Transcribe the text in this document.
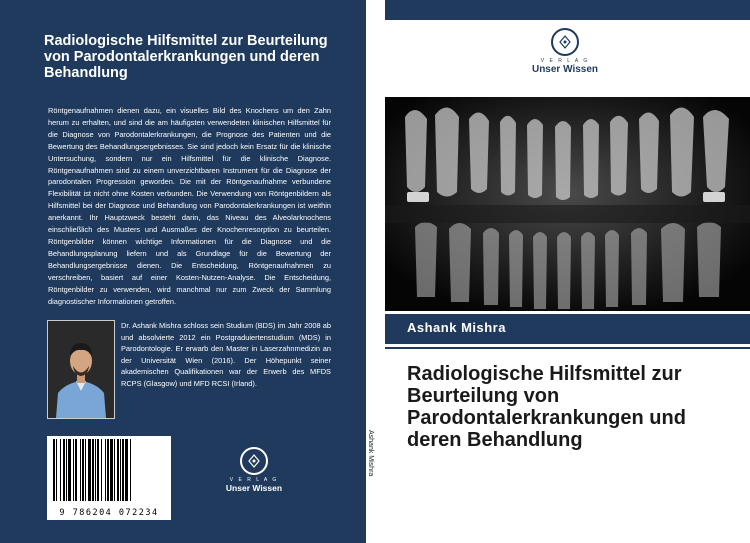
Radiologische Hilfsmittel zur Beurteilung von Parodontalerkrankungen und deren Behandlung

Röntgenaufnahmen dienen dazu, ein visuelles Bild des Knochens um den Zahn herum zu erhalten, und sind die am häufigsten verwendeten klinischen Hilfsmittel für die Diagnose von Parodontalerkrankungen, die Prognose des Patienten und die Bewertung des Behandlungsergebnisses. Sie sind jedoch kein Ersatz für die klinische Untersuchung, sondern nur ein Hilfsmittel für die klinische Diagnose. Röntgenaufnahmen sind zu einem unverzichtbaren Instrument für die Diagnose der parodontalen Progression geworden. Die mit der Röntgenaufnahme verbundene Flexibilität ist nicht ohne Kosten verbunden. Die Verwendung von Röntgenbildern als Hilfsmittel bei der Diagnose und Behandlung von Parodontalerkrankungen ist weithin anerkannt. Ihr Hauptzweck besteht darin, das Niveau des Alveolarknochens einschließlich des Musters und Ausmaßes der Knochenresorption zu beurteilen. Röntgenbilder können wichtige Informationen für die Diagnose und die Behandlungsplanung liefern und als Grundlage für die Bewertung der Behandlungsergebnisse dienen. Die Entscheidung, Röntgenaufnahmen zu verschreiben, basiert auf einer Kosten-Nutzen-Analyse. Die Entscheidung, Röntgenbilder zu verwenden, wird manchmal nur zum Zweck der Sammlung diagnostischer Informationen getroffen.

Dr. Ashank Mishra schloss sein Studium (BDS) im Jahr 2008 ab und absolvierte 2012 ein Postgraduiertenstudium (MDS) in Parodontologie. Er erwarb den Master in Laserzahnmedizin an der Universität Wien (2016). Der Höhepunkt seiner akademischen Qualifikationen war der Erwerb des MFDS RCPS (Glasgow) und MFD RCSI (Irland).

9 786204 072234
V E R L A G
Unser Wissen
Ashank Mishra
V E R L A G
Unser Wissen
Ashank Mishra
Radiologische Hilfsmittel zur Beurteilung von Parodontalerkrankungen und deren Behandlung
